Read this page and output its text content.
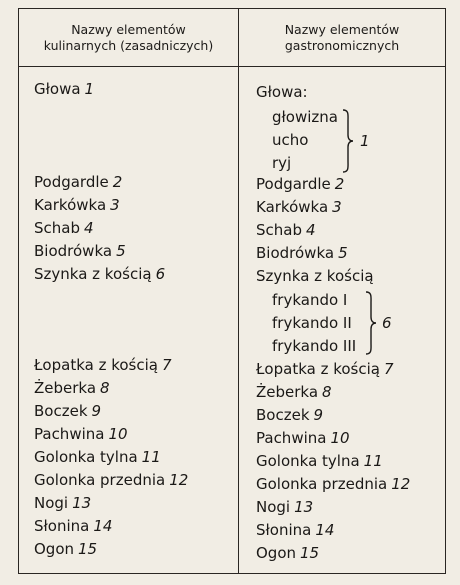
Nazwy elementów
kulinarnych (zasadniczych)
Nazwy elementów
gastronomicznych
Głowa 1
Podgardle 2
Karkówka 3
Schab 4
Biodrówka 5
Szynka z kością 6
Łopatka z kością 7
Żeberka 8
Boczek 9
Pachwina 10
Golonka tylna 11
Golonka przednia 12
Nogi 13
Słonina 14
Ogon 15
Głowa:
głowizna
ucho
ryj
1
Podgardle 2
Karkówka 3
Schab 4
Biodrówka 5
Szynka z kością
frykando I
frykando II
frykando III
6
Łopatka z kością 7
Żeberka 8
Boczek 9
Pachwina 10
Golonka tylna 11
Golonka przednia 12
Nogi 13
Słonina 14
Ogon 15
